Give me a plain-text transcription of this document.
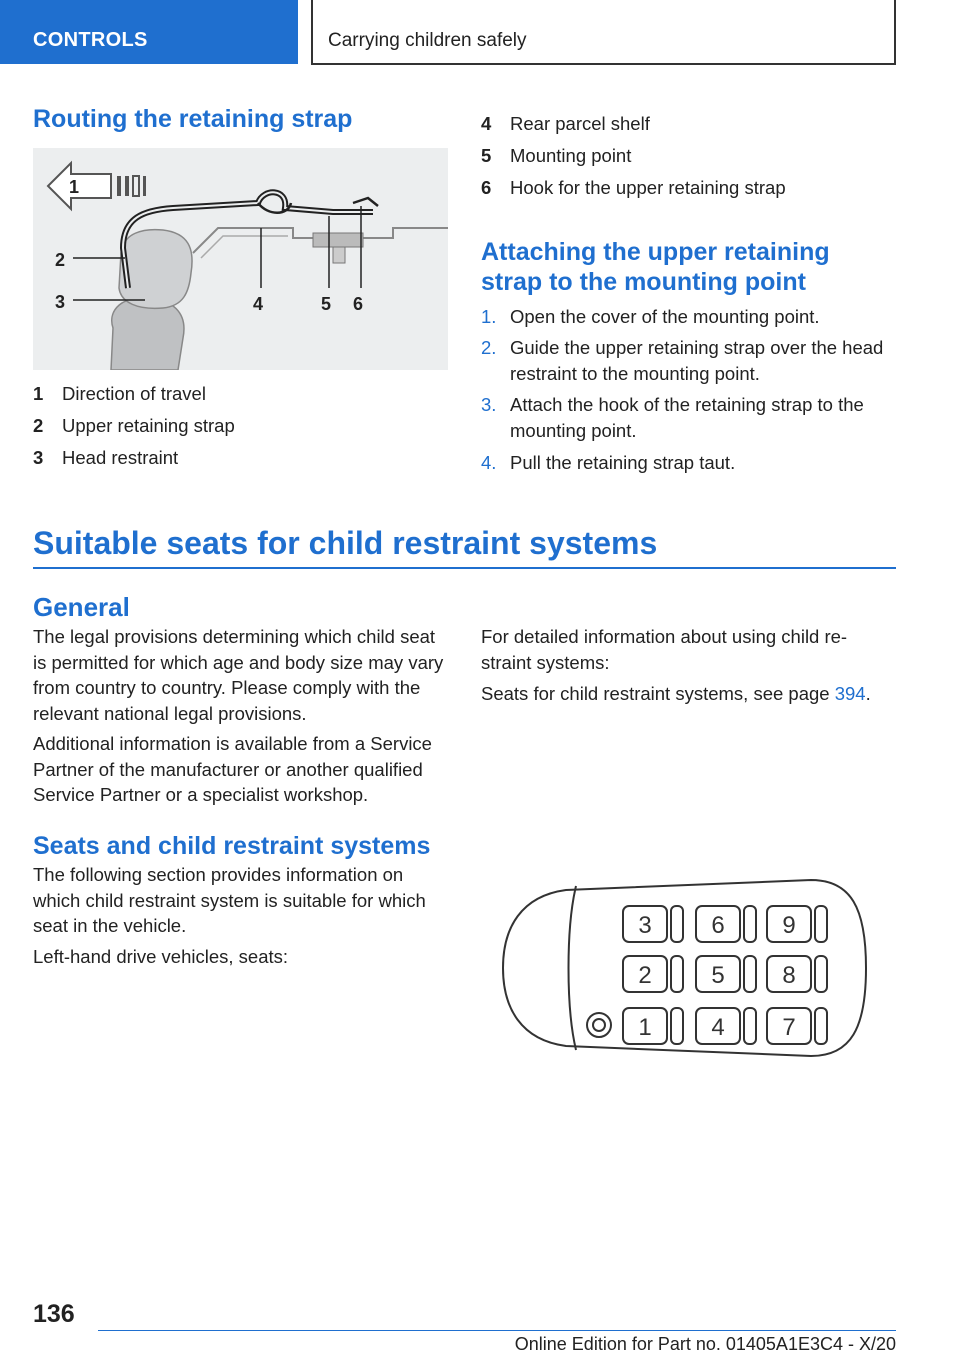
CONTROLS	Carrying children safely
Routing the retaining strap
1
2
3	4	5 6
1 Direction of travel
2 Upper retaining strap
3 Head restraint
4 Rear parcel shelf
5 Mounting point
6 Hook for the upper retaining strap
Attaching the upper retaining
strap to the mounting point
1. Open the cover of the mounting point.
2. Guide the upper retaining strap over the head restraint to the mounting point.
3. Attach the hook of the retaining strap to the mounting point.
4. Pull the retaining strap taut.
Suitable seats for child restraint systems
General
The legal provisions determining which child seat is permitted for which age and body size may vary from country to country. Please comply with the relevant national legal provisions.
Additional information is available from a Service Partner of the manufacturer or another qualified Service Partner or a specialist workshop.
For detailed information about using child re‐straint systems:
Seats for child restraint systems, see page 394.
Seats and child restraint systems
The following section provides information on which child restraint system is suitable for which seat in the vehicle.
Left-hand drive vehicles, seats:
3 6 9
2 5 8
1 4 7
136
Online Edition for Part no. 01405A1E3C4 - X/20
